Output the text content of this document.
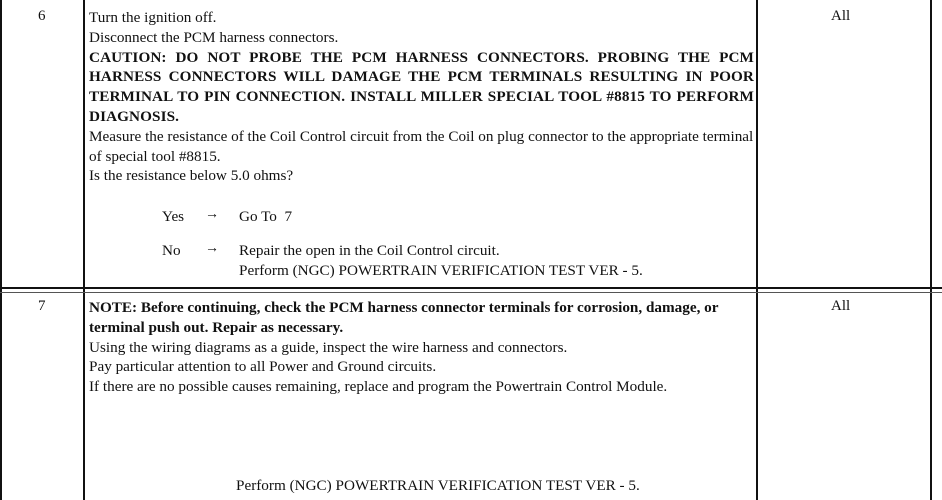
6	All

Turn the ignition off.

Disconnect the PCM harness connectors.

CAUTION: DO NOT PROBE THE PCM HARNESS CONNECTORS. PROBING THE PCM HARNESS CONNECTORS WILL DAMAGE THE PCM TERMINALS RESULTING IN POOR TERMINAL TO PIN CONNECTION. INSTALL MILLER SPECIAL TOOL #8815 TO PERFORM DIAGNOSIS.

Measure the resistance of the Coil Control circuit from the Coil on plug connector to the appropriate terminal of special tool #8815.

Is the resistance below 5.0 ohms?

Yes → Go To  7
No → Repair the open in the Coil Control circuit.
Perform (NGC) POWERTRAIN VERIFICATION TEST VER - 5.
7	All

NOTE: Before continuing, check the PCM harness connector terminals for corrosion, damage, or terminal push out. Repair as necessary.

Using the wiring diagrams as a guide, inspect the wire harness and connectors.

Pay particular attention to all Power and Ground circuits.

If there are no possible causes remaining, replace and program the Powertrain Control Module.

Perform (NGC) POWERTRAIN VERIFICATION TEST VER - 5.
